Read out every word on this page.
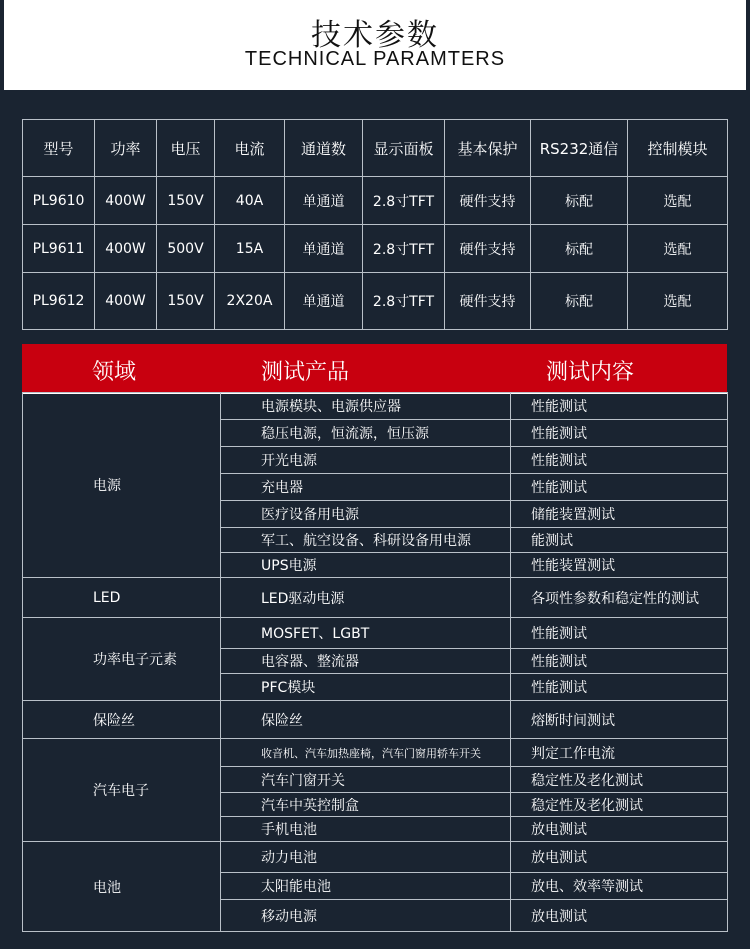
技术参数
TECHNICAL PARAMTERS
型号	功率	电压	电流	通道数	显示面板	基本保护	RS232通信	控制模块
PL9610	400W	150V	40A	单通道	2.8寸TFT	硬件支持	标配	选配
PL9611	400W	500V	15A	单通道	2.8寸TFT	硬件支持	标配	选配
PL9612	400W	150V	2X20A	单通道	2.8寸TFT	硬件支持	标配	选配
领域	测试产品	测试内容
电源	电源模块、电源供应器	性能测试
	稳压电源，恒流源，恒压源	性能测试
	开光电源	性能测试
	充电器	性能测试
	医疗设备用电源	储能装置测试
	军工、航空设备、科研设备用电源	能测试
	UPS电源	性能装置测试
LED	LED驱动电源	各项性参数和稳定性的测试
功率电子元素	MOSFET、LGBT	性能测试
	电容器、整流器	性能测试
	PFC模块	性能测试
保险丝	保险丝	熔断时间测试
汽车电子	收音机、汽车加热座椅，汽车门窗用轿车开关	判定工作电流
	汽车门窗开关	稳定性及老化测试
	汽车中英控制盒	稳定性及老化测试
	手机电池	放电测试
电池	动力电池	放电测试
	太阳能电池	放电、效率等测试
	移动电源	放电测试
